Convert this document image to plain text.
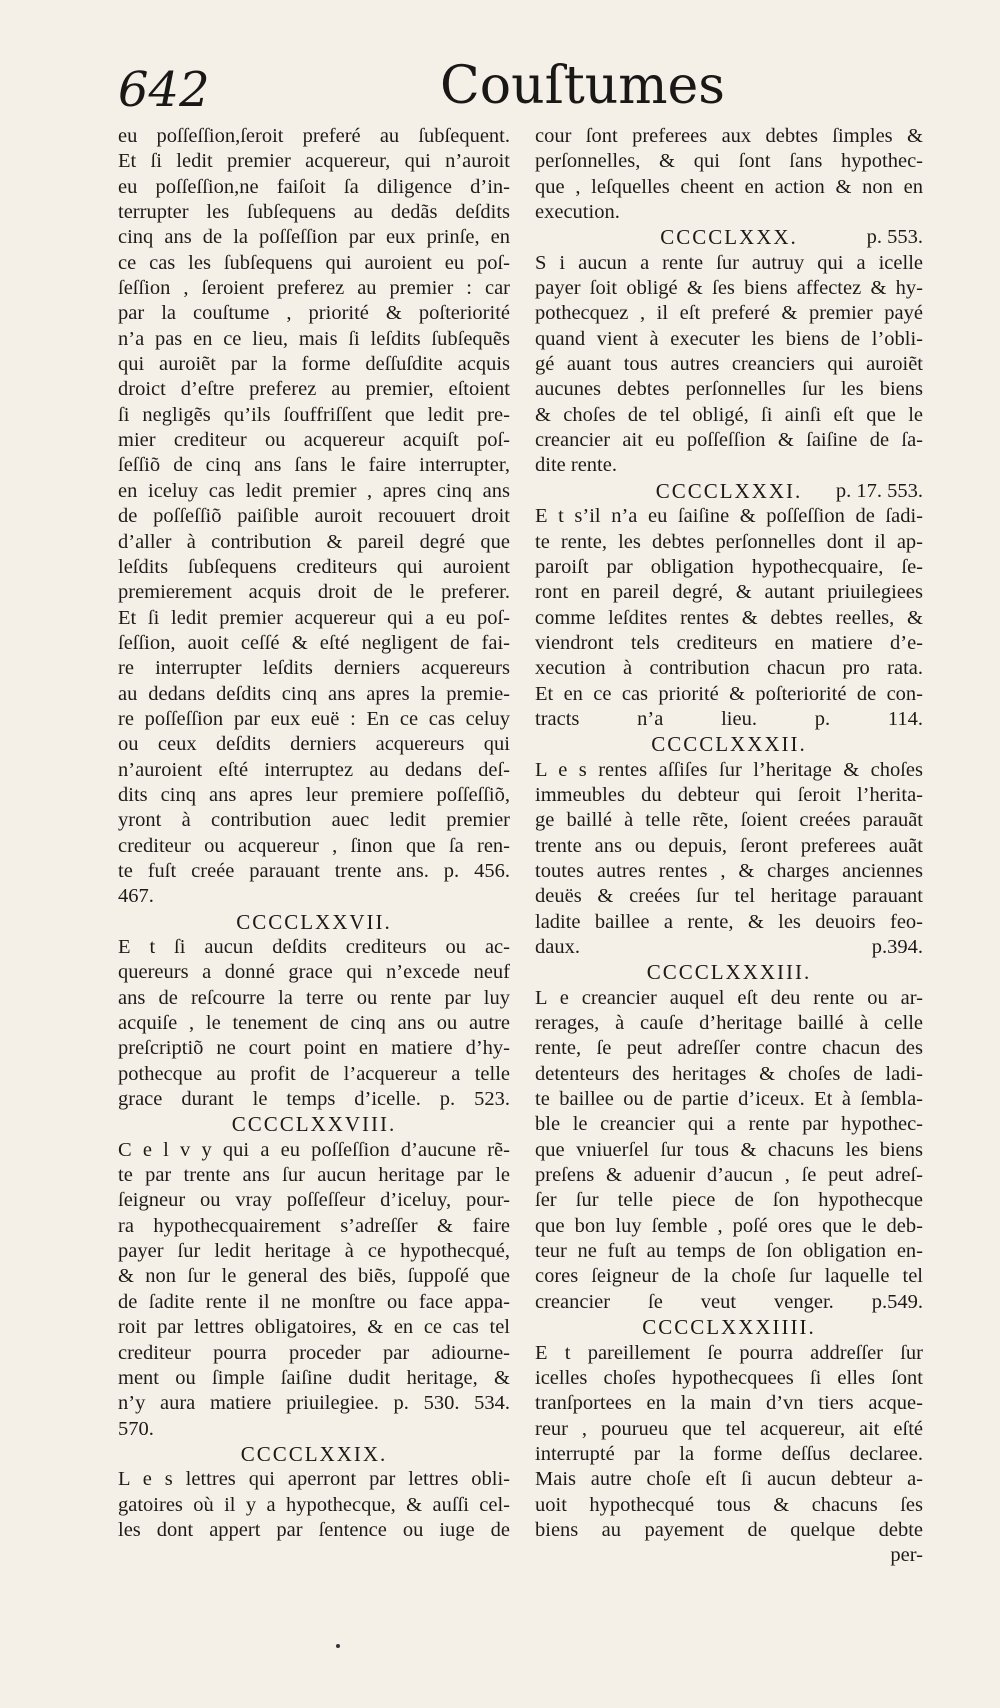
642	Couſtumes
eu poſſeſſion,ſeroit preferé au ſubſequent.
Et ſi ledit premier acquereur, qui n’auroit
eu poſſeſſion,ne faiſoit ſa diligence d’in-
terrupter les ſubſequens au dedãs deſdits
cinq ans de la poſſeſſion par eux prinſe, en
ce cas les ſubſequens qui auroient eu poſ-
ſeſſion , ſeroient preferez au premier : car
par la couſtume , priorité & poſteriorité
n’a pas en ce lieu, mais ſi leſdits ſubſequẽs
qui auroiẽt par la forme deſſuſdite acquis
droict d’eſtre preferez au premier, eſtoient
ſi negligẽs qu’ils ſouffriſſent que ledit pre-
mier crediteur ou acquereur acquiſt poſ-
ſeſſiõ de cinq ans ſans le faire interrupter,
en iceluy cas ledit premier , apres cinq ans
de poſſeſſiõ paiſible auroit recouuert droit
d’aller à contribution & pareil degré que
leſdits ſubſequens crediteurs qui auroient
premierement acquis droit de le preferer.
Et ſi ledit premier acquereur qui a eu poſ-
ſeſſion, auoit ceſſé & eſté negligent de fai-
re interrupter leſdits derniers acquereurs
au dedans deſdits cinq ans apres la premie-
re poſſeſſion par eux euë : En ce cas celuy
ou ceux deſdits derniers acquereurs qui
n’auroient eſté interruptez au dedans deſ-
dits cinq ans apres leur premiere poſſeſſiõ,
yront à contribution auec ledit premier
crediteur ou acquereur , ſinon que ſa ren-
te fuſt creée parauant trente ans. p. 456.
467.
CCCCLXXVII.
E t ſi aucun deſdits crediteurs ou ac-
quereurs a donné grace qui n’excede neuf
ans de reſcourre la terre ou rente par luy
acquiſe , le tenement de cinq ans ou autre
preſcriptiõ ne court point en matiere d’hy-
pothecque au profit de l’acquereur a telle
grace durant le temps d’icelle. p. 523.
CCCCLXXVIII.
C e l v y qui a eu poſſeſſion d’aucune rẽ-
te par trente ans ſur aucun heritage par le
ſeigneur ou vray poſſeſſeur d’iceluy, pour-
ra hypothecquairement s’adreſſer & faire
payer ſur ledit heritage à ce hypothecqué,
& non ſur le general des biẽs, ſuppoſé que
de ſadite rente il ne monſtre ou face appa-
roit par lettres obligatoires, & en ce cas tel
crediteur pourra proceder par adiourne-
ment ou ſimple ſaiſine dudit heritage, &
n’y aura matiere priuilegiee. p. 530. 534.
570.
CCCCLXXIX.
L e s lettres qui aperront par lettres obli-
gatoires où il y a hypothecque, & auſſi cel-
les dont appert par ſentence ou iuge de
cour ſont preferees aux debtes ſimples &
perſonnelles, & qui ſont ſans hypothec-
que , leſquelles cheent en action & non en
execution.
CCCCLXXX.	p. 553.
S i aucun a rente ſur autruy qui a icelle
payer ſoit obligé & ſes biens affectez & hy-
pothecquez , il eſt preferé & premier payé
quand vient à executer les biens de l’obli-
gé auant tous autres creanciers qui auroiẽt
aucunes debtes perſonnelles ſur les biens
& choſes de tel obligé, ſi ainſi eſt que le
creancier ait eu poſſeſſion & ſaiſine de ſa-
dite rente.
CCCCLXXXI.	p. 17. 553.
E t s’il n’a eu ſaiſine & poſſeſſion de ſadi-
te rente, les debtes perſonnelles dont il ap-
paroiſt par obligation hypothecquaire, ſe-
ront en pareil degré, & autant priuilegiees
comme leſdites rentes & debtes reelles, &
viendront tels crediteurs en matiere d’e-
xecution à contribution chacun pro rata.
Et en ce cas priorité & poſteriorité de con-
tracts n’a lieu. p. 114.
CCCCLXXXII.
L e s rentes aſſiſes ſur l’heritage & choſes
immeubles du debteur qui ſeroit l’herita-
ge baillé à telle rẽte, ſoient creées parauãt
trente ans ou depuis, ſeront preferees auãt
toutes autres rentes , & charges anciennes
deuës & creées ſur tel heritage parauant
ladite baillee a rente, & les deuoirs feo-
daux. p.394.
CCCCLXXXIII.
L e creancier auquel eſt deu rente ou ar-
rerages, à cauſe d’heritage baillé à celle
rente, ſe peut adreſſer contre chacun des
detenteurs des heritages & choſes de ladi-
te baillee ou de partie d’iceux. Et à ſembla-
ble le creancier qui a rente par hypothec-
que vniuerſel ſur tous & chacuns les biens
preſens & aduenir d’aucun , ſe peut adreſ-
ſer ſur telle piece de ſon hypothecque
que bon luy ſemble , poſé ores que le deb-
teur ne fuſt au temps de ſon obligation en-
cores ſeigneur de la choſe ſur laquelle tel
creancier ſe veut venger. p.549.
CCCCLXXXIIII.
E t pareillement ſe pourra addreſſer ſur
icelles choſes hypothecquees ſi elles ſont
tranſportees en la main d’vn tiers acque-
reur , pourueu que tel acquereur, ait eſté
interrupté par la forme deſſus declaree.
Mais autre choſe eſt ſi aucun debteur a-
uoit hypothecqué tous & chacuns ſes
biens au payement de quelque debte
per-
